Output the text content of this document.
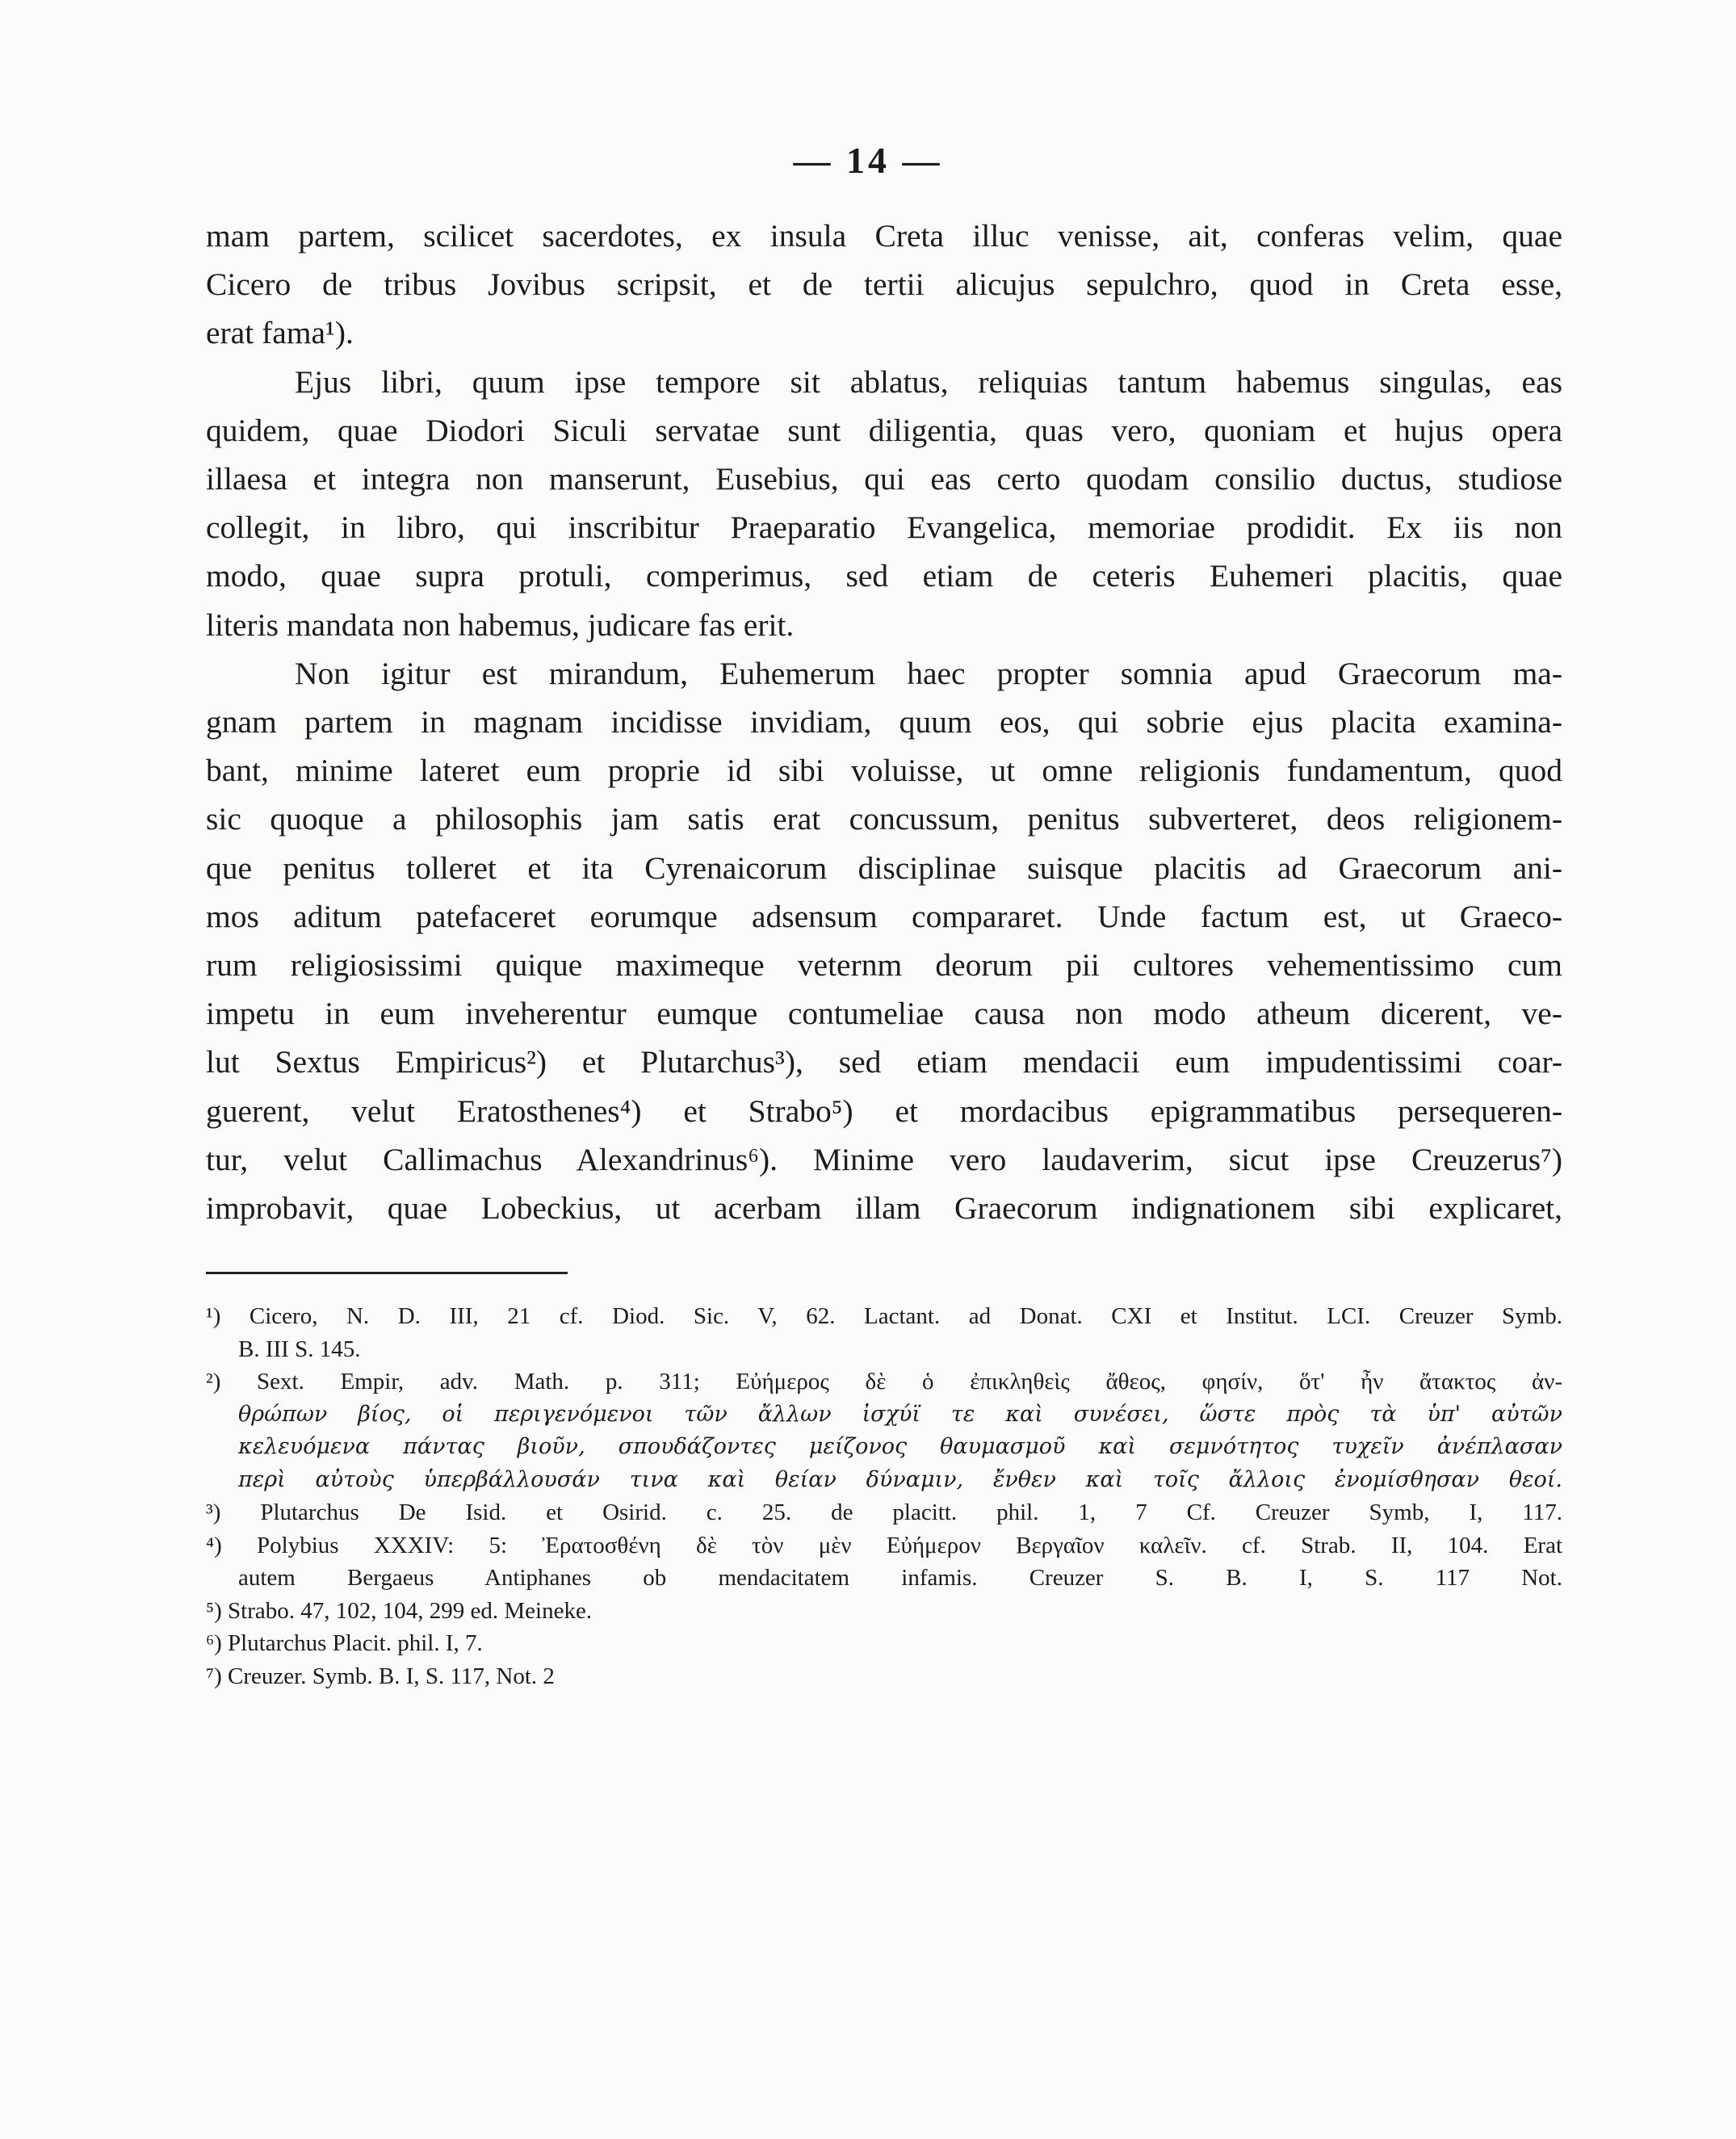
— 14 —
mam partem, scilicet sacerdotes, ex insula Creta illuc venisse, ait, conferas velim, quae
Cicero de tribus Jovibus scripsit, et de tertii alicujus sepulchro, quod in Creta esse,
erat fama¹).
Ejus libri, quum ipse tempore sit ablatus, reliquias tantum habemus singulas, eas
quidem, quae Diodori Siculi servatae sunt diligentia, quas vero, quoniam et hujus opera
illaesa et integra non manserunt, Eusebius, qui eas certo quodam consilio ductus, studiose
collegit, in libro, qui inscribitur Praeparatio Evangelica, memoriae prodidit. Ex iis non
modo, quae supra protuli, comperimus, sed etiam de ceteris Euhemeri placitis, quae
literis mandata non habemus, judicare fas erit.
Non igitur est mirandum, Euhemerum haec propter somnia apud Graecorum ma-
gnam partem in magnam incidisse invidiam, quum eos, qui sobrie ejus placita examina-
bant, minime lateret eum proprie id sibi voluisse, ut omne religionis fundamentum, quod
sic quoque a philosophis jam satis erat concussum, penitus subverteret, deos religionem-
que penitus tolleret et ita Cyrenaicorum disciplinae suisque placitis ad Graecorum ani-
mos aditum patefaceret eorumque adsensum compararet. Unde factum est, ut Graeco-
rum religiosissimi quique maximeque veternm deorum pii cultores vehementissimo cum
impetu in eum inveherentur eumque contumeliae causa non modo atheum dicerent, ve-
lut Sextus Empiricus²) et Plutarchus³), sed etiam mendacii eum impudentissimi coar-
guerent, velut Eratosthenes⁴) et Strabo⁵) et mordacibus epigrammatibus persequeren-
tur, velut Callimachus Alexandrinus⁶). Minime vero laudaverim, sicut ipse Creuzerus⁷)
improbavit, quae Lobeckius, ut acerbam illam Graecorum indignationem sibi explicaret,
¹) Cicero, N. D. III, 21 cf. Diod. Sic. V, 62. Lactant. ad Donat. CXI et Institut. LCI. Creuzer Symb.
B. III S. 145.
²) Sext. Empir, adv. Math. p. 311; Εὐήμερος δὲ ὁ ἐπικληθεὶς ἄθεος, φησίν, ὅτ' ἦν ἄτακτος ἀν-
θρώπων βίος, οἱ περιγενόμενοι τῶν ἄλλων ἰσχύϊ τε καὶ συνέσει, ὥστε πρὸς τὰ ὑπ' αὐτῶν
κελευόμενα πάντας βιοῦν, σπουδάζοντες μείζονος θαυμασμοῦ καὶ σεμνότητος τυχεῖν ἀνέπλασαν
περὶ αὐτοὺς ὑπερβάλλουσάν τινα καὶ θείαν δύναμιν, ἔνθεν καὶ τοῖς ἄλλοις ἐνομίσθησαν θεοί.
³) Plutarchus De Isid. et Osirid. c. 25. de placitt. phil. 1, 7 Cf. Creuzer Symb, I, 117.
⁴) Polybius XXXIV: 5: Ἐρατοσθένη δὲ τὸν μὲν Εὐήμερον Βεργαῖον καλεῖν. cf. Strab. II, 104. Erat
autem Bergaeus Antiphanes ob mendacitatem infamis. Creuzer S. B. I, S. 117 Not.
⁵) Strabo. 47, 102, 104, 299 ed. Meineke.
⁶) Plutarchus Placit. phil. I, 7.
⁷) Creuzer. Symb. B. I, S. 117, Not. 2
